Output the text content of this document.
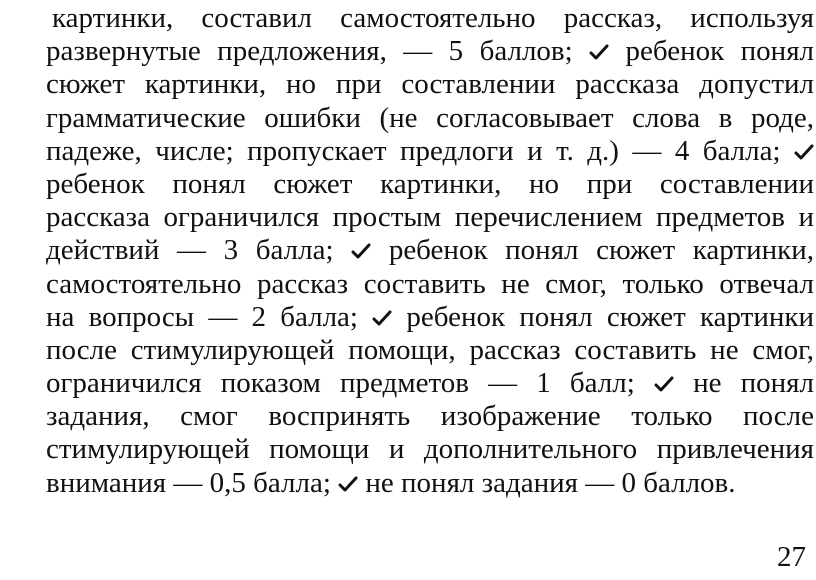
картинки, составил самостоятельно рассказ, используя
развернутые предложения, — 5 баллов;
ребенок понял
сюжет картинки, но при составлении рассказа допустил
грамматические ошибки (не согласовывает слова в роде,
падеже, числе; пропускает предлоги и т. д.) — 4 балла;
ребенок понял сюжет картинки, но при составлении
рассказа ограничился простым перечислением предметов и
действий — 3 балла;
ребенок понял сюжет картинки,
самостоятельно рассказ составить не смог, только отвечал
на вопросы — 2 балла;
ребенок понял сюжет картинки
после стимулирующей помощи, рассказ составить не смог,
ограничился показом предметов — 1 балл;
не понял
задания, смог воспринять изображение только после
стимулирующей помощи и дополнительного привлечения
внимания — 0,5 балла;
не понял задания — 0 баллов.
27
